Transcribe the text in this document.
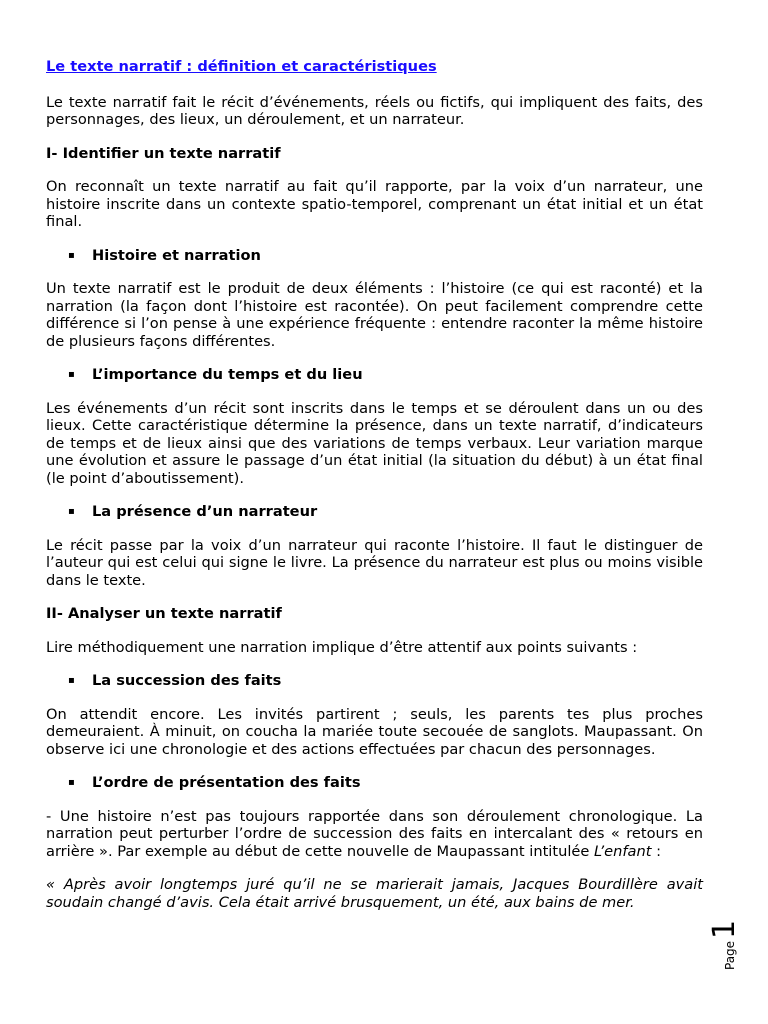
Le texte narratif : définition et caractéristiques

Le texte narratif fait le récit d’événements, réels ou fictifs, qui impliquent des faits, des personnages, des lieux, un déroulement, et un narrateur.

I- Identifier un texte narratif

On reconnaît un texte narratif au fait qu’il rapporte, par la voix d’un narrateur, une histoire inscrite dans un contexte spatio-temporel, comprenant un état initial et un état final.

▪	Histoire et narration

Un texte narratif est le produit de deux éléments : l’histoire (ce qui est raconté) et la narration (la façon dont l’histoire est racontée). On peut facilement comprendre cette différence si l’on pense à une expérience fréquente : entendre raconter la même histoire de plusieurs façons différentes.

▪	L’importance du temps et du lieu

Les événements d’un récit sont inscrits dans le temps et se déroulent dans un ou des lieux. Cette caractéristique détermine la présence, dans un texte narratif, d’indicateurs de temps et de lieux ainsi que des variations de temps verbaux. Leur variation marque une évolution et assure le passage d’un état initial (la situation du début) à un état final (le point d’aboutissement).

▪	La présence d’un narrateur

Le récit passe par la voix d’un narrateur qui raconte l’histoire. Il faut le distinguer de l’auteur qui est celui qui signe le livre. La présence du narrateur est plus ou moins visible dans le texte.

II- Analyser un texte narratif

Lire méthodiquement une narration implique d’être attentif aux points suivants :

▪	La succession des faits

On attendit encore. Les invités partirent ; seuls, les parents tes plus proches demeuraient. À minuit, on coucha la mariée toute secouée de sanglots. Maupassant. On observe ici une chronologie et des actions effectuées par chacun des personnages.

▪	L’ordre de présentation des faits

- Une histoire n’est pas toujours rapportée dans son déroulement chronologique. La narration peut perturber l’ordre de succession des faits en intercalant des « retours en arrière ». Par exemple au début de cette nouvelle de Maupassant intitulée L’enfant :

« Après avoir longtemps juré qu’il ne se marierait jamais, Jacques Bourdillère avait soudain changé d’avis. Cela était arrivé brusquement, un été, aux bains de mer.

Page
1
